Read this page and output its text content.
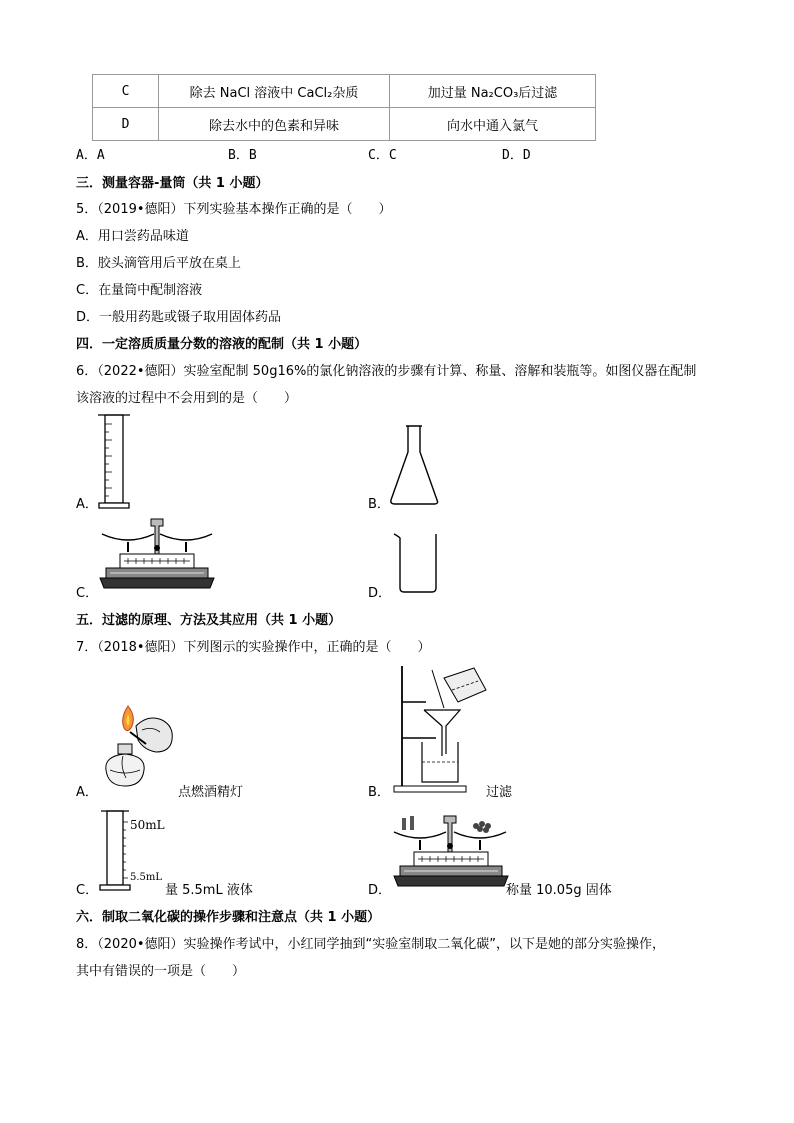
C	除去 NaCl 溶液中 CaCl₂杂质	加过量 Na₂CO₃后过滤
D	除去水中的色素和异味	向水中通入氯气
A．A	B．B	C．C	D．D
三．测量容器-量筒（共 1 小题）
5．（2019•德阳）下列实验基本操作正确的是（　　）
A．用口尝药品味道
B．胶头滴管用后平放在桌上
C．在量筒中配制溶液
D．一般用药匙或镊子取用固体药品
四．一定溶质质量分数的溶液的配制（共 1 小题）
6．（2022•德阳）实验室配制 50g16%的氯化钠溶液的步骤有计算、称量、溶解和装瓶等。如图仪器在配制
该溶液的过程中不会用到的是（　　）
A．	B．
C．	D．
五．过滤的原理、方法及其应用（共 1 小题）
7．（2018•德阳）下列图示的实验操作中，正确的是（　　）
A．	点燃酒精灯	B．	过滤
C．
50mL
5.5mL
量 5.5mL 液体	D．	称量 10.05g 固体
六．制取二氧化碳的操作步骤和注意点（共 1 小题）
8．（2020•德阳）实验操作考试中，小红同学抽到“实验室制取二氧化碳”，以下是她的部分实验操作，
其中有错误的一项是（　　）
